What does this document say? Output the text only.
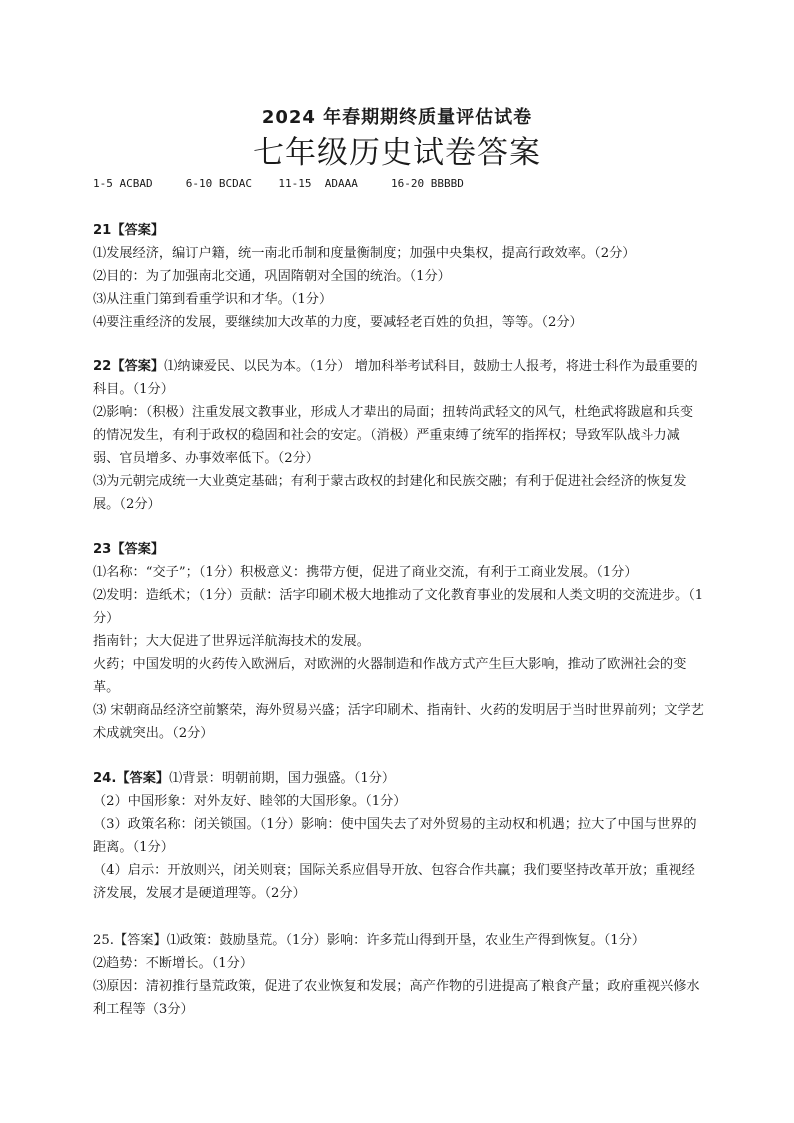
2024 年春期期终质量评估试卷
七年级历史试卷答案
1-5 ACBAD     6-10 BCDAC    11-15  ADAAA     16-20 BBBBD

21【答案】⑴发展经济，编订户籍，统一南北币制和度量衡制度；加强中央集权，提高行政效率。（2分）

⑵目的：为了加强南北交通，巩固隋朝对全国的统治。（1分）

⑶从注重门第到看重学识和才华。（1分）

⑷要注重经济的发展，要继续加大改革的力度，要减轻老百姓的负担，等等。（2分）

22【答案】⑴纳谏爱民、以民为本。（1分） 增加科举考试科目，鼓励士人报考，将进士科作为最重要的科目。（1分）

⑵影响：（积极）注重发展文教事业，形成人才辈出的局面；扭转尚武轻文的风气，杜绝武将跋扈和兵变的情况发生，有利于政权的稳固和社会的安定。（消极）严重束缚了统军的指挥权；导致军队战斗力减弱、官员增多、办事效率低下。（2分）

⑶为元朝完成统一大业奠定基础；有利于蒙古政权的封建化和民族交融；有利于促进社会经济的恢复发展。（2分）

23【答案】⑴名称：“交子”；（1分）积极意义：携带方便，促进了商业交流，有利于工商业发展。（1分）

⑵发明：造纸术；（1分）贡献：活字印刷术极大地推动了文化教育事业的发展和人类文明的交流进步。（1分）

指南针；大大促进了世界远洋航海技术的发展。

火药；中国发明的火药传入欧洲后，对欧洲的火器制造和作战方式产生巨大影响，推动了欧洲社会的变革。

⑶ 宋朝商品经济空前繁荣，海外贸易兴盛；活字印刷术、指南针、火药的发明居于当时世界前列；文学艺术成就突出。（2分）

24.【答案】⑴背景：明朝前期，国力强盛。（1分）

（2）中国形象：对外友好、睦邻的大国形象。（1分）

（3）政策名称：闭关锁国。（1分）影响：使中国失去了对外贸易的主动权和机遇；拉大了中国与世界的距离。（1分）

（4）启示：开放则兴，闭关则衰；国际关系应倡导开放、包容合作共赢；我们要坚持改革开放；重视经济发展，发展才是硬道理等。（2分）

25.【答案】⑴政策：鼓励垦荒。（1分）影响：许多荒山得到开垦，农业生产得到恢复。（1分）

⑵趋势：不断增长。（1分）

⑶原因：清初推行垦荒政策，促进了农业恢复和发展；高产作物的引进提高了粮食产量；政府重视兴修水利工程等（3分）
